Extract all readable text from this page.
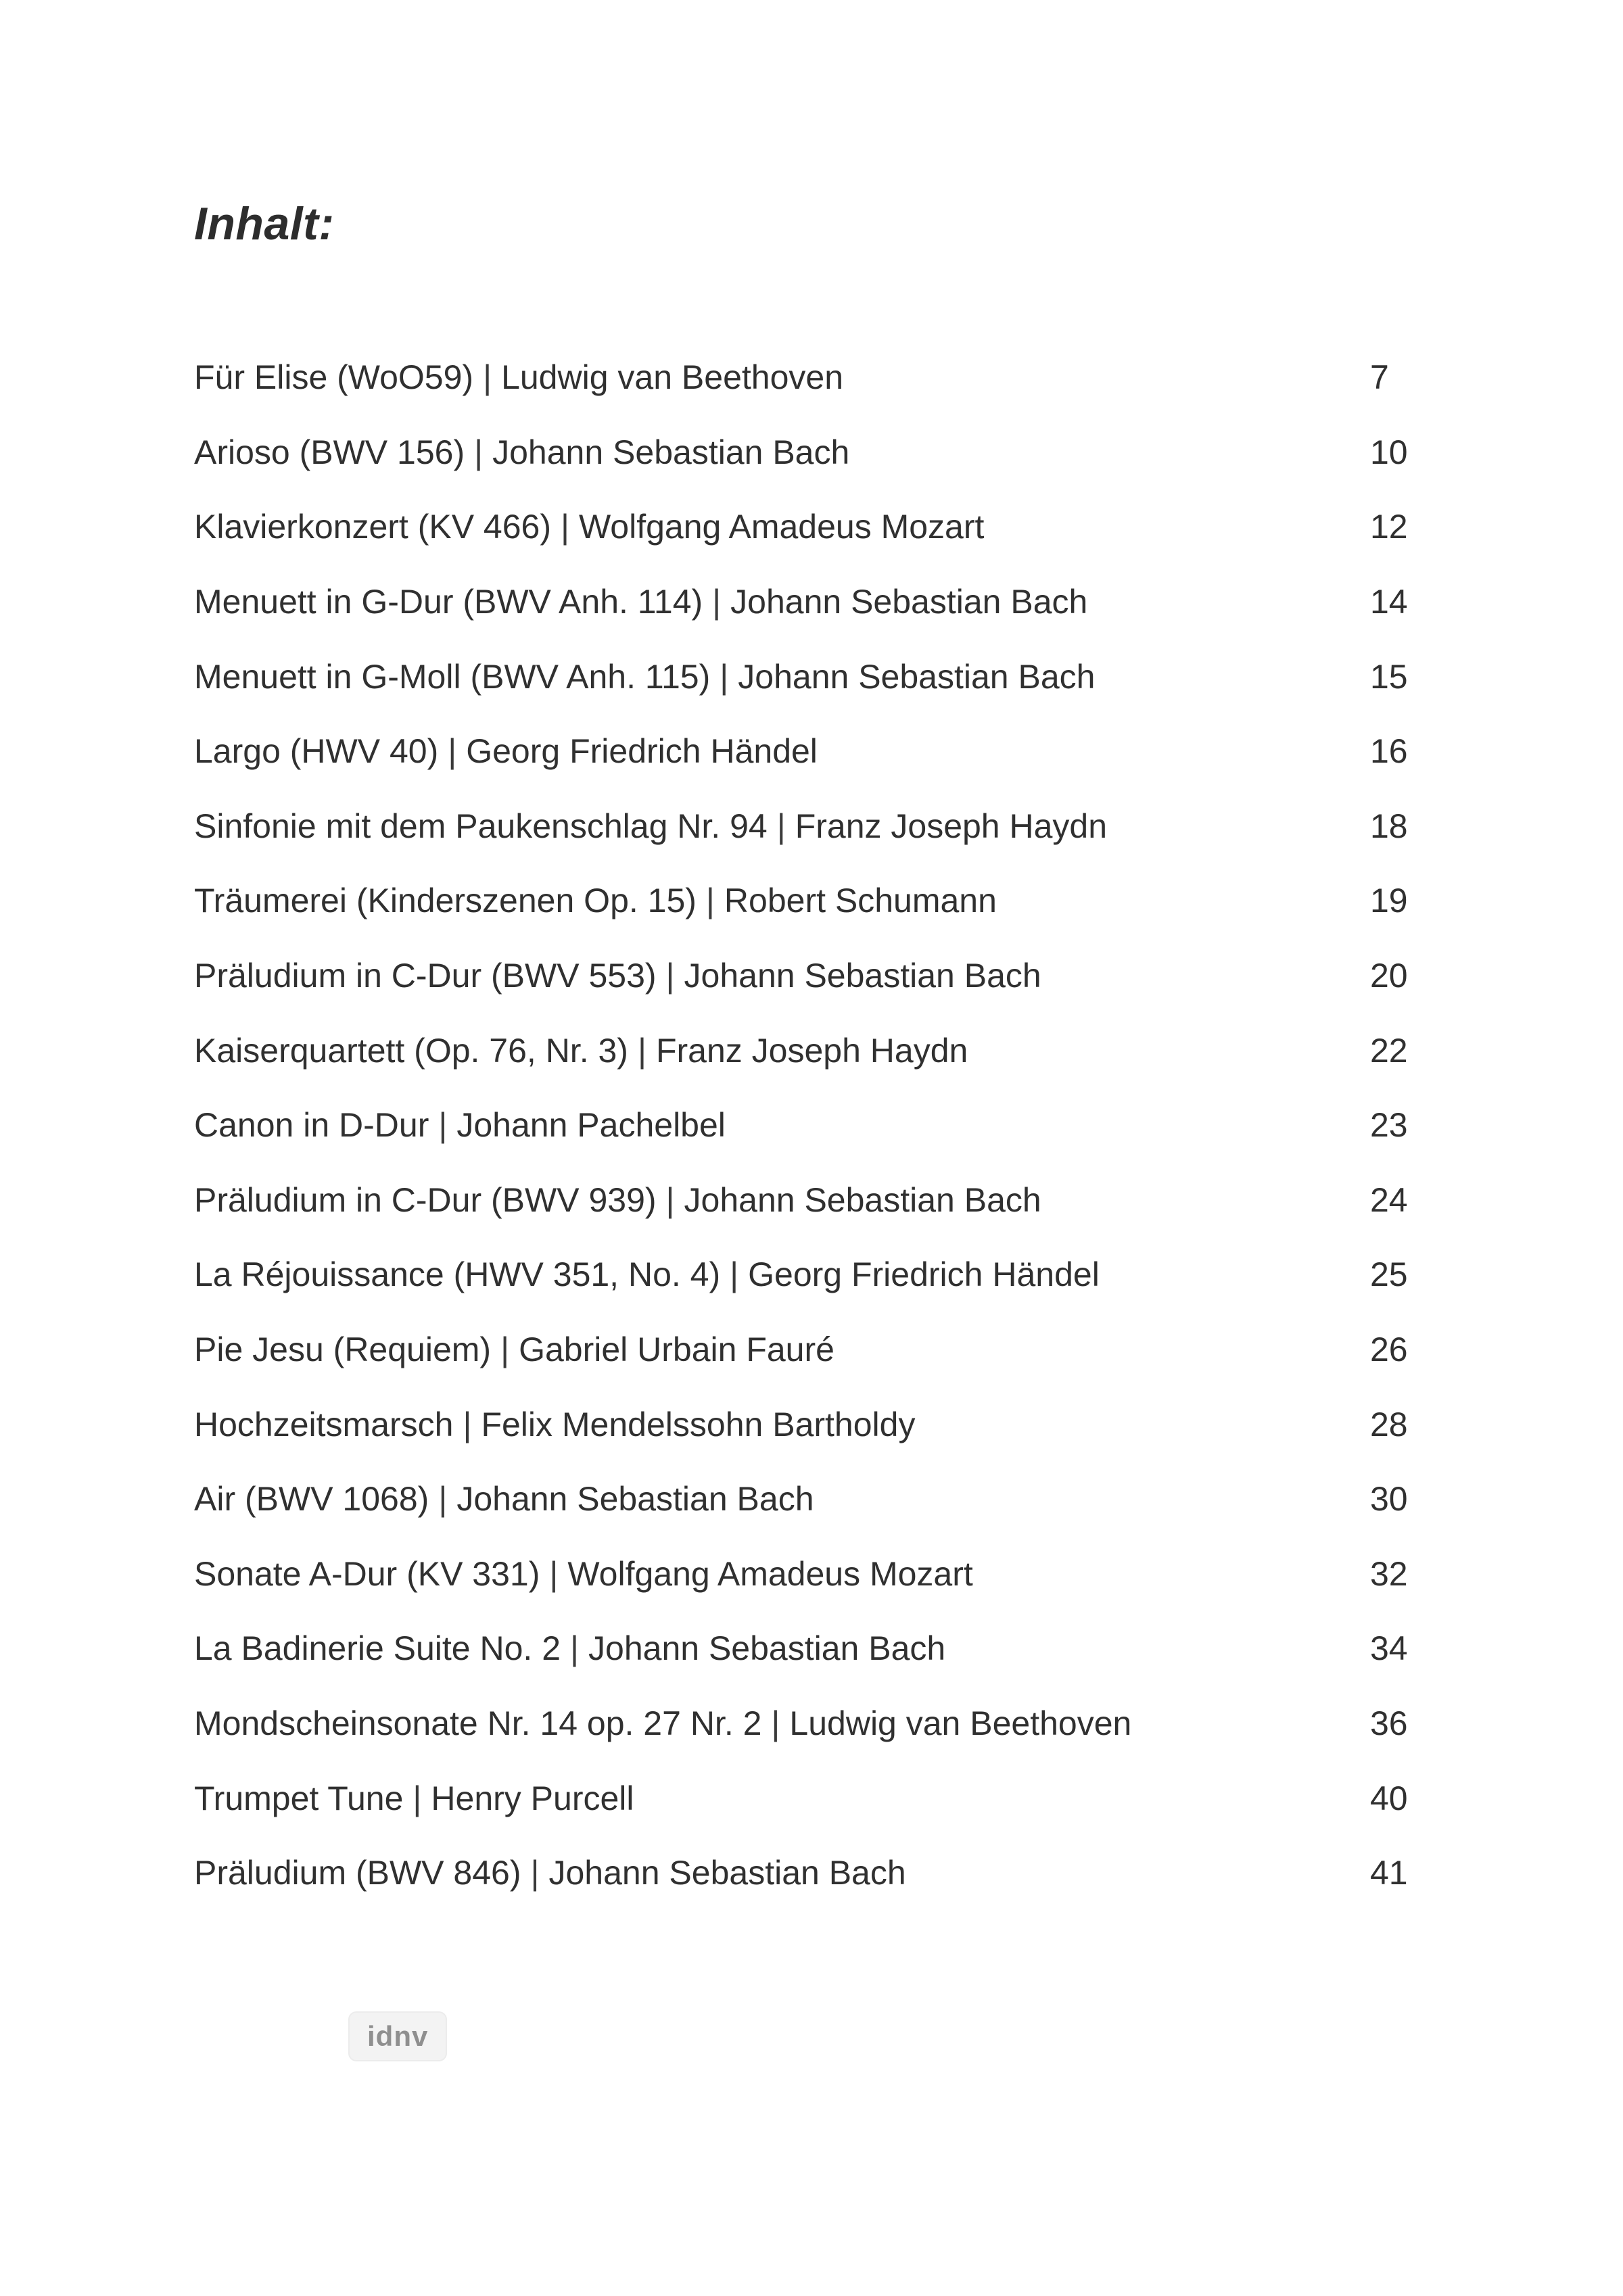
Inhalt:
Für Elise (WoO59) | Ludwig van Beethoven	7
Arioso (BWV 156) | Johann Sebastian Bach	10
Klavierkonzert (KV 466) | Wolfgang Amadeus Mozart	12
Menuett in G-Dur (BWV Anh. 114) | Johann Sebastian Bach	14
Menuett in G-Moll (BWV Anh. 115) | Johann Sebastian Bach	15
Largo (HWV 40) | Georg Friedrich Händel	16
Sinfonie mit dem Paukenschlag Nr. 94 | Franz Joseph Haydn	18
Träumerei (Kinderszenen Op. 15) | Robert Schumann	19
Präludium in C-Dur (BWV 553) | Johann Sebastian Bach	20
Kaiserquartett (Op. 76, Nr. 3) | Franz Joseph Haydn	22
Canon in D-Dur | Johann Pachelbel	23
Präludium in C-Dur (BWV 939) | Johann Sebastian Bach	24
La Réjouissance (HWV 351, No. 4) | Georg Friedrich Händel	25
Pie Jesu (Requiem) | Gabriel Urbain Fauré	26
Hochzeitsmarsch | Felix Mendelssohn Bartholdy	28
Air (BWV 1068) | Johann Sebastian Bach	30
Sonate A-Dur (KV 331) | Wolfgang Amadeus Mozart	32
La Badinerie Suite No. 2 | Johann Sebastian Bach	34
Mondscheinsonate Nr. 14 op. 27 Nr. 2 | Ludwig van Beethoven	36
Trumpet Tune | Henry Purcell	40
Präludium (BWV 846) | Johann Sebastian Bach	41
idnv
